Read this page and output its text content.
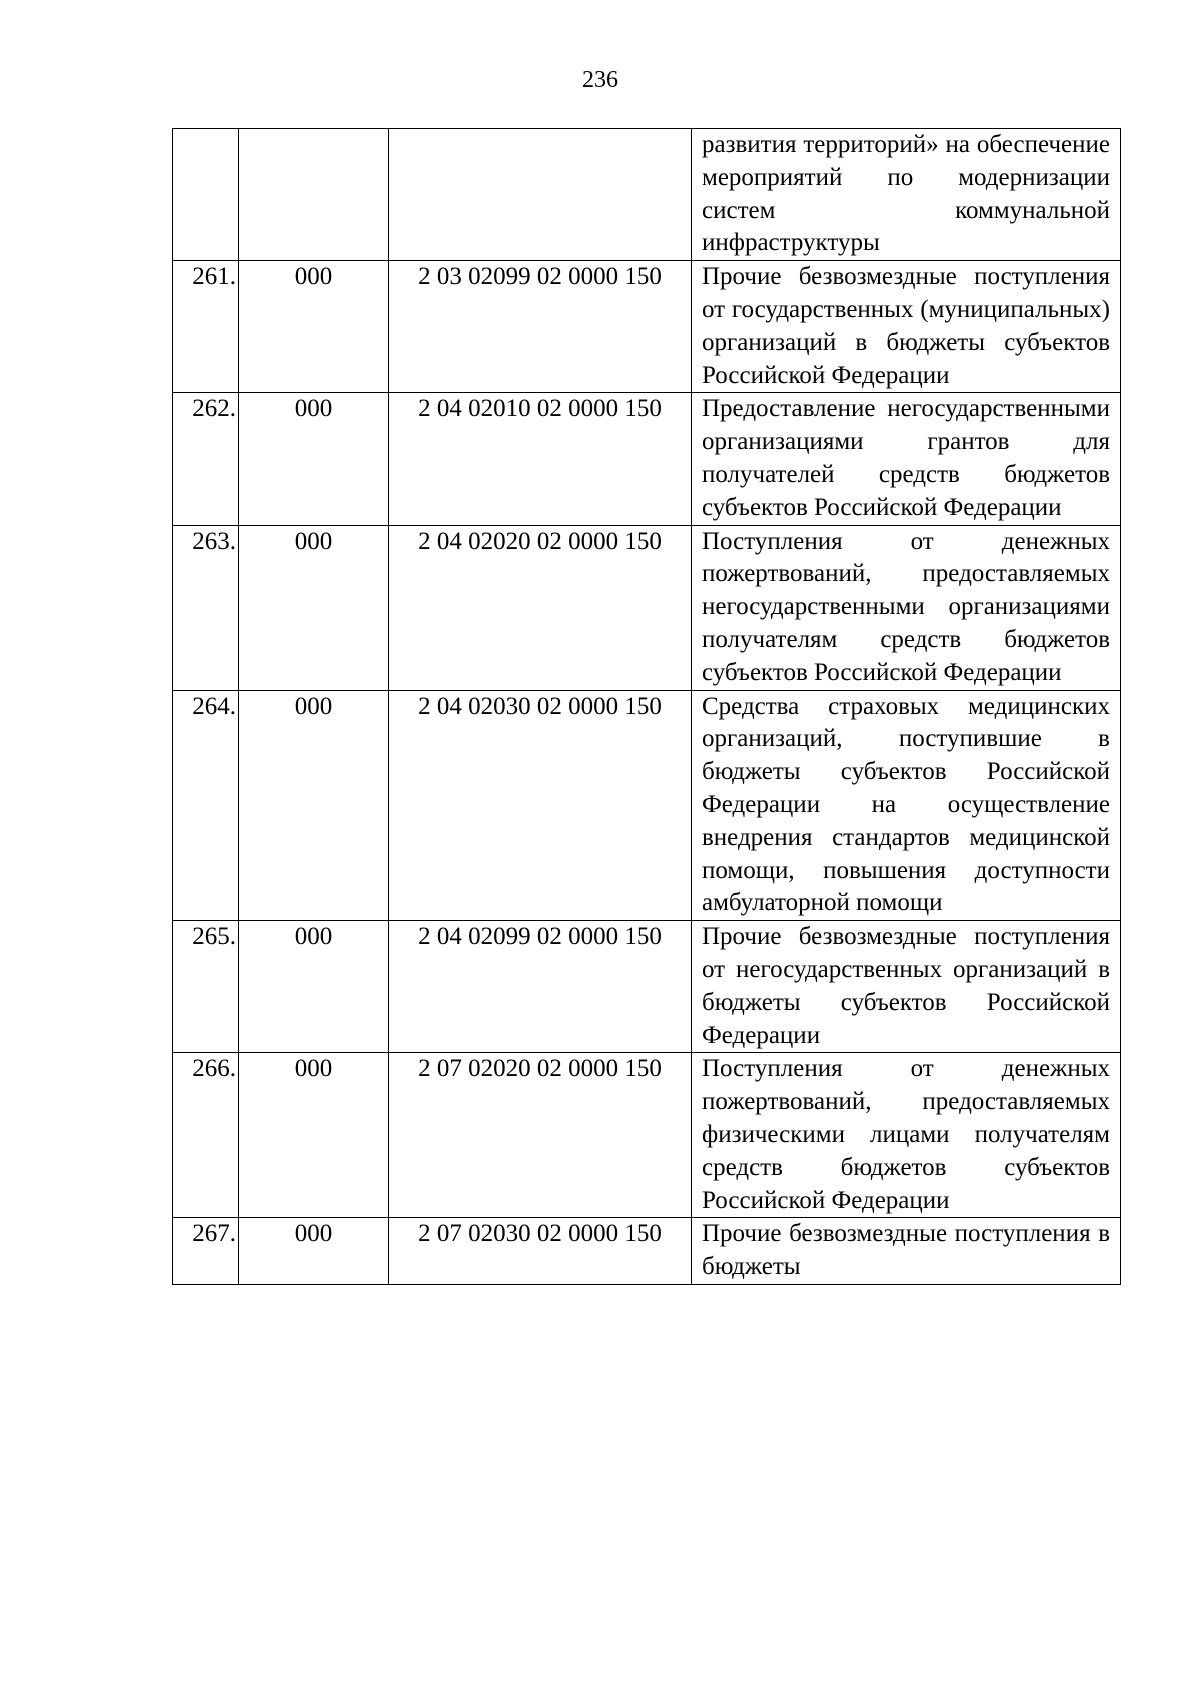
236

			развития территорий» на обеспечение мероприятий по модернизации систем коммунальной инфраструктуры

261.	000	2 03 02099 02 0000 150	Прочие безвозмездные поступления от государственных (муниципальных) организаций в бюджеты субъектов Российской Федерации

262.	000	2 04 02010 02 0000 150	Предоставление негосударственными организациями грантов для получателей средств бюджетов субъектов Российской Федерации

263.	000	2 04 02020 02 0000 150	Поступления от денежных пожертвований, предоставляемых негосударственными организациями получателям средств бюджетов субъектов Российской Федерации

264.	000	2 04 02030 02 0000 150	Средства страховых медицинских организаций, поступившие в бюджеты субъектов Российской Федерации на осуществление внедрения стандартов медицинской помощи, повышения доступности амбулаторной помощи

265.	000	2 04 02099 02 0000 150	Прочие безвозмездные поступления от негосударственных организаций в бюджеты субъектов Российской Федерации

266.	000	2 07 02020 02 0000 150	Поступления от денежных пожертвований, предоставляемых физическими лицами получателям средств бюджетов субъектов Российской Федерации

267.	000	2 07 02030 02 0000 150	Прочие безвозмездные поступления в бюджеты
